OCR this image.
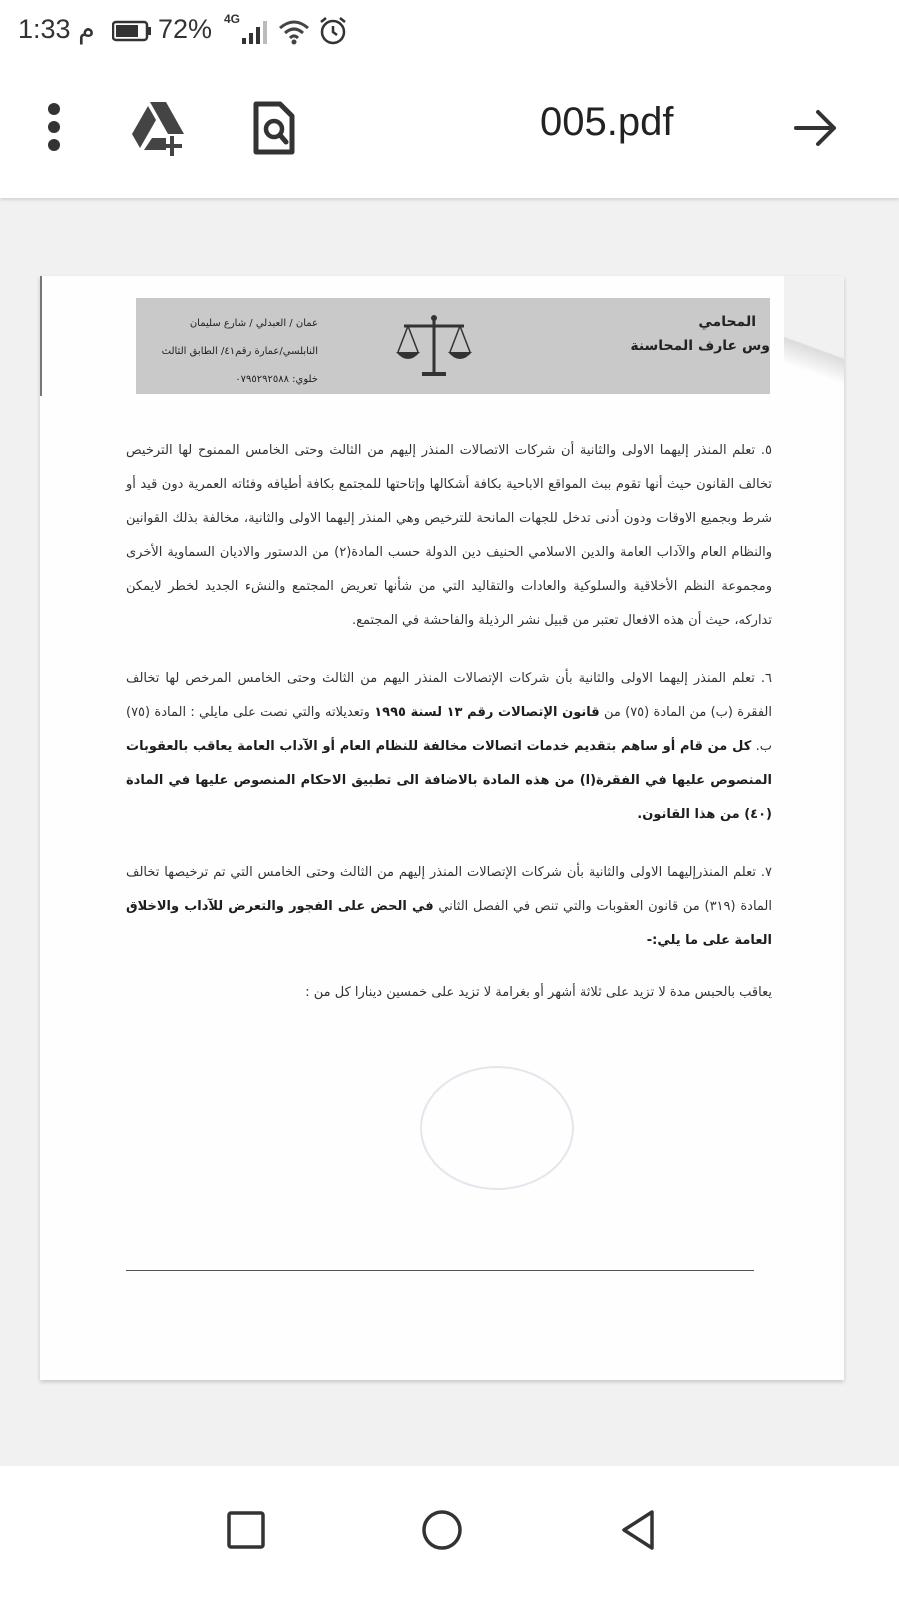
1:33 م 72% 4G
005.pdf
عمان / العبدلي / شارع سليمان
النابلسي/عمارة رقم٤١/ الطابق الثالث
خلوي: ٠٧٩٥٢٩٢٥٨٨
المحامي
وس عارف المحاسنة

٥. تعلم المنذر إليهما الاولى والثانية أن شركات الاتصالات المنذر إليهم من الثالث وحتى الخامس الممنوح لها الترخيص تخالف القانون حيث أنها تقوم ببث المواقع الاباحية بكافة أشكالها وإتاحتها للمجتمع بكافة أطيافه وفئاته العمرية دون قيد أو شرط وبجميع الاوقات ودون أدنى تدخل للجهات المانحة للترخيص وهي المنذر إليهما الاولى والثانية، مخالفة بذلك القوانين والنظام العام والآداب العامة والدين الاسلامي الحنيف دين الدولة حسب المادة(٢) من الدستور والاديان السماوية الأخرى ومجموعة النظم الأخلاقية والسلوكية والعادات والتقاليد التي من شأنها تعريض المجتمع والنشء الجديد لخطر لايمكن تداركه، حيث أن هذه الافعال تعتبر من قبيل نشر الرذيلة والفاحشة في المجتمع.

٦. تعلم المنذر إليهما الاولى والثانية بأن شركات الإتصالات المنذر اليهم من الثالث وحتى الخامس المرخص لها تخالف الفقرة (ب) من المادة (٧٥) من قانون الإتصالات رقم ١٣ لسنة ١٩٩٥ وتعديلاته والتي نصت على مايلي : المادة (٧٥) ب. كل من قام أو ساهم بتقديم خدمات اتصالات مخالفة للنظام العام أو الآداب العامة يعاقب بالعقوبات المنصوص عليها في الفقرة(ا) من هذه المادة بالاضافة الى تطبيق الاحكام المنصوص عليها في المادة (٤٠) من هذا القانون.

٧. تعلم المنذرإليهما الاولى والثانية بأن شركات الإتصالات المنذر إليهم من الثالث وحتى الخامس التي تم ترخيصها تخالف المادة (٣١٩) من قانون العقوبات والتي تنص في الفصل الثاني في الحض على الفجور والتعرض للآداب والاخلاق العامة على ما يلي:-

يعاقب بالحبس مدة لا تزيد على ثلاثة أشهر أو بغرامة لا تزيد على خمسين دينارا كل من :
